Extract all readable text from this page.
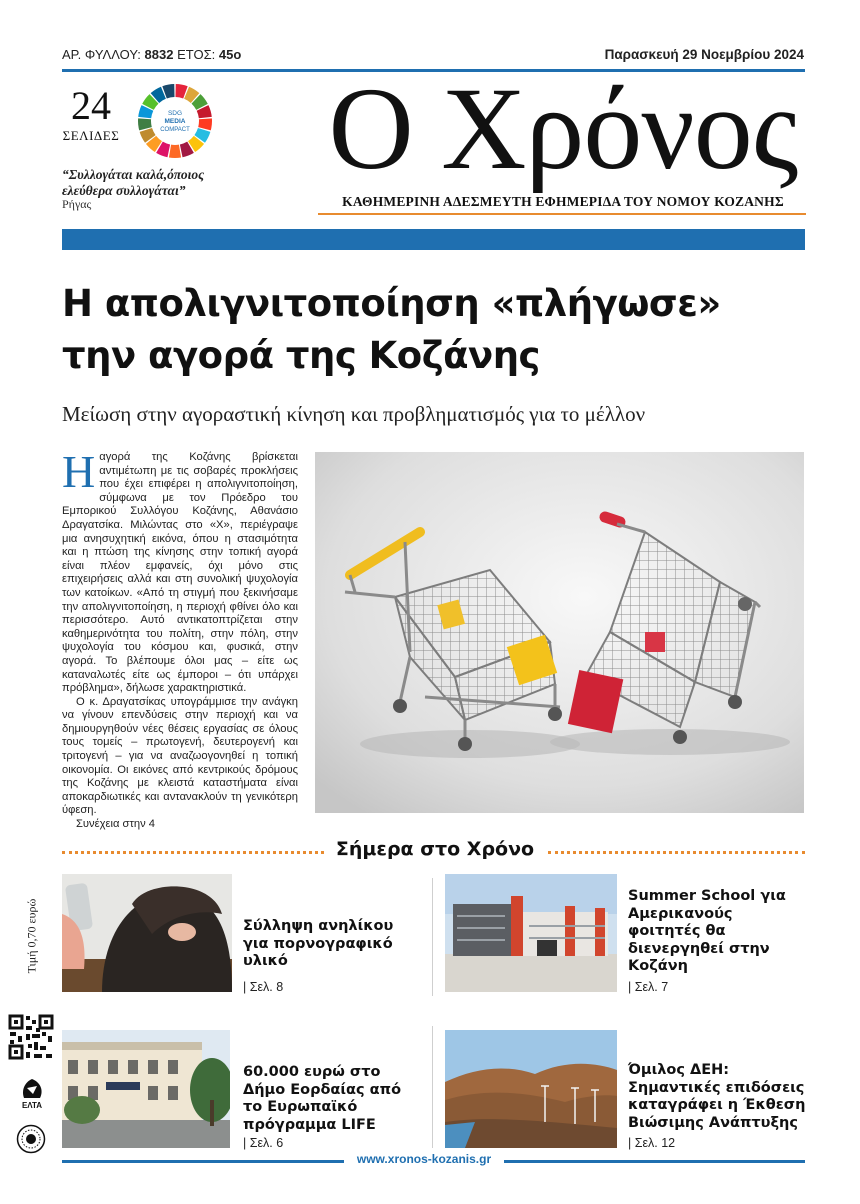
ΑΡ. ΦΥΛΛΟΥ: 8832 ΕΤΟΣ: 45ο	Παρασκευή 29 Νοεμβρίου 2024
24
ΣΕΛΙΔΕΣ
SDG
MEDIA
COMPACT
“Συλλογάται καλά,όποιος
ελεύθερα συλλογάται”
Ρήγας
Ο Χρόνος
ΚΑΘΗΜΕΡΙΝΗ ΑΔΕΣΜΕΥΤΗ ΕΦΗΜΕΡΙΔΑ ΤΟΥ ΝΟΜΟΥ ΚΟΖΑΝΗΣ
Η απολιγνιτοποίηση «πλήγωσε»
την αγορά της Κοζάνης
Μείωση στην αγοραστική κίνηση και προβληματισμός για το μέλλον

Ηαγορά της Κοζάνης βρίσκεται αντιμέτωπη με τις σοβαρές προκλήσεις που έχει επιφέρει η απολιγνιτοποίηση, σύμφωνα με τον Πρόεδρο του Εμπορικού Συλλόγου Κοζάνης, Αθανάσιο Δραγατσίκα. Μιλώντας στο «Χ», περιέγραψε μια ανησυχητική εικόνα, όπου η στασιμότητα και η πτώση της κίνησης στην τοπική αγορά είναι πλέον εμφανείς, όχι μόνο στις επιχειρήσεις αλλά και στη συνολική ψυχολογία των κατοίκων. «Από τη στιγμή που ξεκινήσαμε την απολιγνιτοποίηση, η περιοχή φθίνει όλο και περισσότερο. Αυτό αντικατοπτρίζεται στην καθημερινότητα του πολίτη, στην πόλη, στην ψυχολογία του κόσμου και, φυσικά, στην αγορά. Το βλέπουμε όλοι μας – είτε ως καταναλωτές είτε ως έμποροι – ότι υπάρχει πρόβλημα», δήλωσε χαρακτηριστικά.

Ο κ. Δραγατσίκας υπογράμμισε την ανάγκη να γίνουν επενδύσεις στην περιοχή και να δημιουργηθούν νέες θέσεις εργασίας σε όλους τους τομείς – πρωτογενή, δευτερογενή και τριτογενή – για να αναζωογονηθεί η τοπική οικονομία. Οι εικόνες από κεντρικούς δρόμους της Κοζάνης με κλειστά καταστήματα είναι αποκαρδιωτικές και αντανακλούν τη γενικότερη ύφεση.

Συνέχεια στην 4

Σήμερα στο Χρόνο
Τιμή 0,70 ευρώ	Σύλληψη ανηλίκου για πορνογραφικό υλικό
| Σελ. 8
Summer School για Αμερικανούς φοιτητές θα διενεργηθεί στην Κοζάνη
| Σελ. 7
60.000 ευρώ στο Δήμο Εορδαίας από το Ευρωπαϊκό πρόγραμμα LIFE
| Σελ. 6
Όμιλος ΔΕΗ: Σημαντικές επιδόσεις καταγράφει η Έκθεση Βιώσιμης Ανάπτυξης
| Σελ. 12
ΕΛΤΑ
www.xronos-kozanis.gr
